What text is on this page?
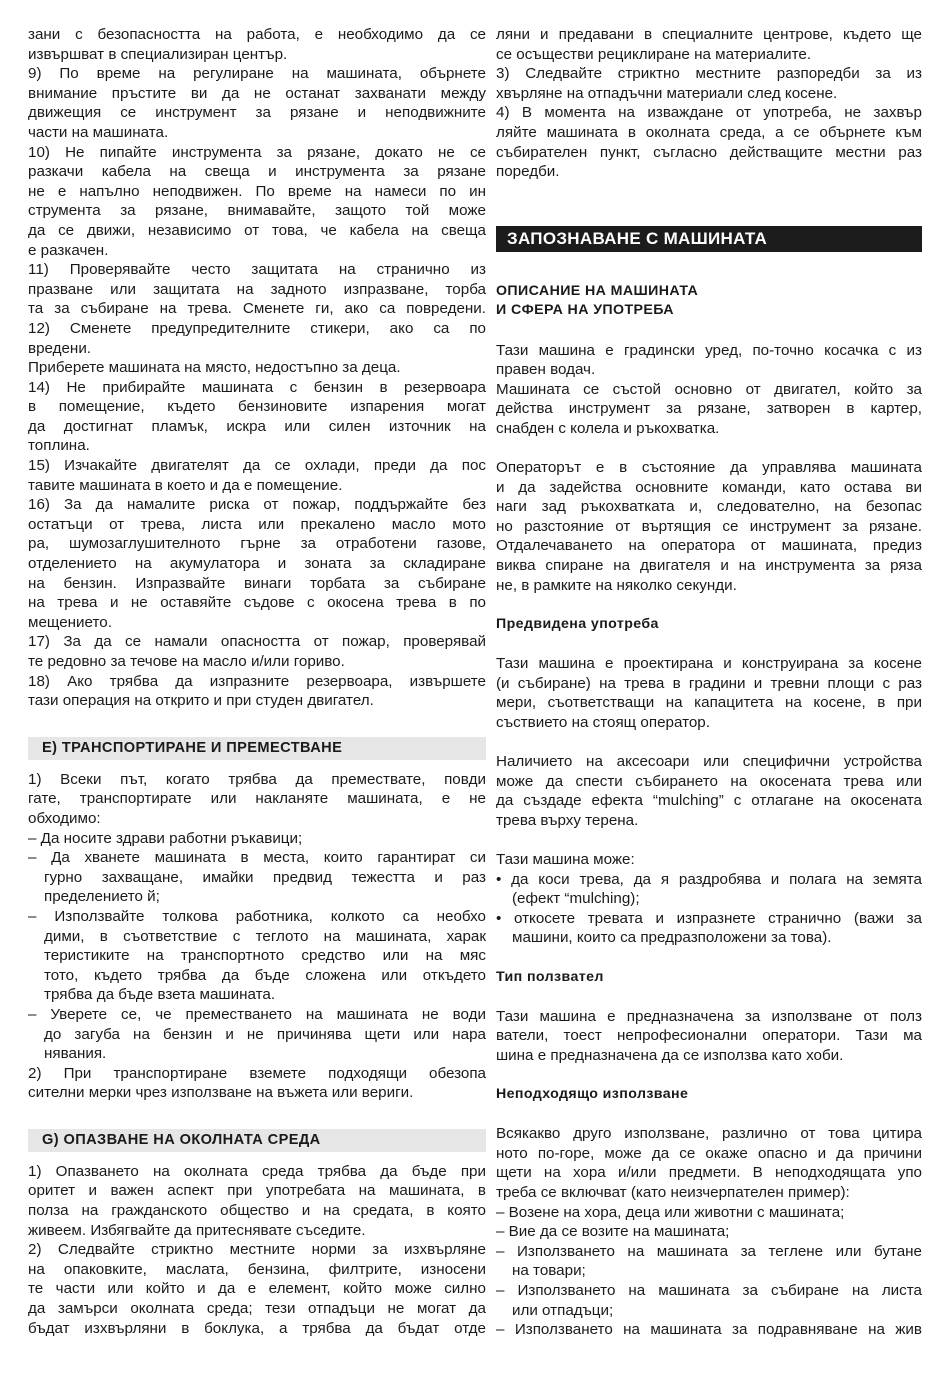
зани с безопасността на работа, е необходимо да се
извършват в специализиран център.
9) По време на регулиране на машината, обърнете
внимание пръстите ви да не останат захванати между
движещия се инструмент за рязане и неподвижните
части на машината.
10) Не пипайте инструмента за рязане, докато не се
разкачи кабела на свеща и инструмента за рязане
не е напълно неподвижен. По време на намеси по ин
струмента за рязане, внимавайте, защото той може
да се движи, независимо от това, че кабела на свеща
е разкачен.
11) Проверявайте често защитата на странично из
празване или защитата на задното изпразване, торба
та за събиране на трева. Сменете ги, ако са повредени.
12) Сменете предупредителните стикери, ако са по
вредени.
Приберете машината на място, недостъпно за деца.
14) Не прибирайте машината с бензин в резервоара
в помещение, където бензиновите изпарения могат
да достигнат пламък, искра или силен източник на
топлина.
15) Изчакайте двигателят да се охлади, преди да пос
тавите машината в което и да е помещение.
16) За да намалите риска от пожар, поддържайте без
остатъци от трева, листа или прекалено масло мото
ра, шумозаглушителното гърне за отработени газове,
отделението на акумулатора и зоната за складиране
на бензин. Изпразвайте винаги торбата за събиране
на трева и не оставяйте съдове с окосена трева в по
мещението.
17) За да се намали опасността от пожар, проверявай
те редовно за течове на масло и/или гориво.
18) Ако трябва да изпразните резервоара, извършете
тази операция на открито и при студен двигател.
E) ТРАНСПОРТИРАНЕ И ПРЕМЕСТВАНЕ
1) Всеки път, когато трябва да премествате, повди
гате, транспортирате или накланяте машината, е не
обходимо:
– Да носите здрави работни ръкавици;
– Да хванете машината в места, които гарантират си
гурно захващане, имайки предвид тежестта и раз
пределението й;
– Използвайте толкова работника, колкото са необхо
дими, в съответствие с теглото на машината, харак
теристиките на транспортното средство или на мяс
тото, където трябва да бъде сложена или откъдето
трябва да бъде взета машината.
– Уверете се, че преместването на машината не води
до загуба на бензин и не причинява щети или нара
нявания.
2) При транспортиране вземете подходящи обезопа
сителни мерки чрез използване на въжета или вериги.
G) ОПАЗВАНЕ НА ОКОЛНАТА СРЕДА
1) Опазването на околната среда трябва да бъде при
оритет и важен аспект при употребата на машината, в
полза на гражданското общество и на средата, в която
живеем. Избягвайте да притеснявате съседите.
2) Следвайте стриктно местните норми за изхвърляне
на опаковките, маслата, бензина, филтрите, износени
те части или който и да е елемент, който може силно
да замърси околната среда; тези отпадъци не могат да
бъдат изхвърляни в боклука, а трябва да бъдат отде
ляни и предавани в специалните центрове, където ще
се осъществи рециклиране на материалите.
3) Следвайте стриктно местните разпоредби за из
хвърляне на отпадъчни материали след косене.
4) В момента на изваждане от употреба, не захвър
ляйте машината в околната среда, а се обърнете към
събирателен пункт, съгласно действащите местни раз
поредби.
ЗАПОЗНАВАНЕ С МАШИНАТА
ОПИСАНИЕ НА МАШИНАТА
И СФЕРА НА УПОТРЕБА
Тази машина е градински уред, по-точно косачка с из
правен водач.
Машината се състой основно от двигател, който за
действа инструмент за рязане, затворен в картер,
снабден с колела и ръкохватка.
Операторът е в състояние да управлява машината
и да задейства основните команди, като остава ви
наги зад ръкохватката и, следователно, на безопас
но разстояние от въртящия се инструмент за рязане.
Отдалечаването на оператора от машината, предиз
виква спиране на двигателя и на инструмента за ряза
не, в рамките на няколко секунди.
Предвидена употреба
Тази машина е проектирана и конструирана за косене
(и събиране) на трева в градини и тревни площи с раз
мери, съответстващи на капацитета на косене, в при
съствието на стоящ оператор.
Наличието на аксесоари или специфични устройства
може да спести събирането на окосената трева или
да създаде ефекта “mulching” с отлагане на окосената
трева върху терена.
Тази машина може:
• да коси трева, да я раздробява и полага на земята
(ефект “mulching);
• откосете тревата и изпразнете странично (важи за
машини, които са предразположени за това).
Тип ползвател
Тази машина е предназначена за използване от полз
ватели, тоест непрофесионални оператори. Тази ма
шина е предназначена да се използва като хоби.
Неподходящо използване
Всякакво друго използване, различно от това цитира
ното по-горе, може да се окаже опасно и да причини
щети на хора и/или предмети. В неподходящата упо
треба се включват (като неизчерпателен пример):
– Возене на хора, деца или животни с машината;
– Вие да се возите на машината;
– Използването на машината за теглене или бутане
на товари;
– Използването на машината за събиране на листа
или отпадъци;
– Използването на машината за подравняване на жив
